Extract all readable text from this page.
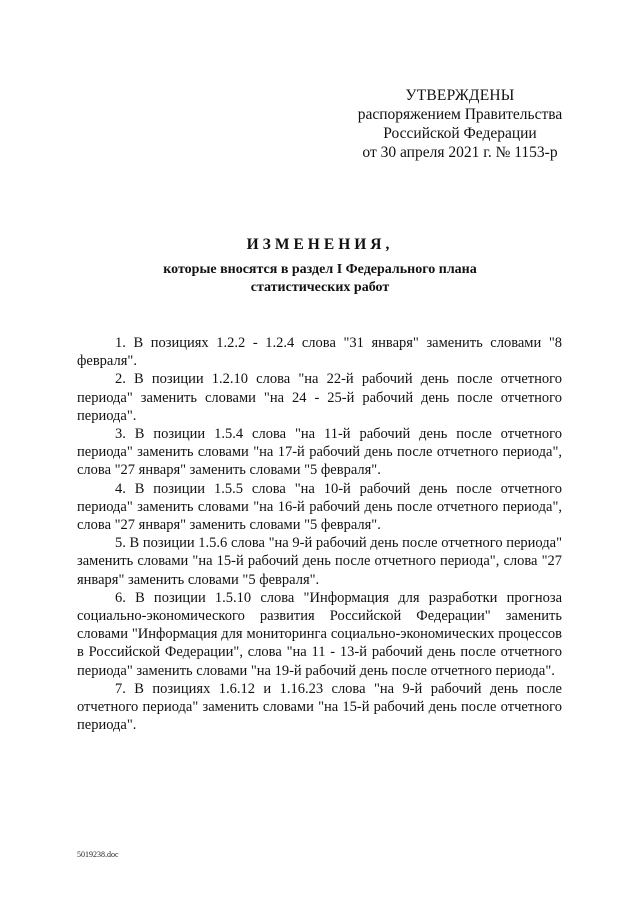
УТВЕРЖДЕНЫ
распоряжением Правительства
Российской Федерации
от 30 апреля 2021 г. № 1153-р
ИЗМЕНЕНИЯ,
которые вносятся в раздел I Федерального плана
статистических работ

1. В позициях 1.2.2 - 1.2.4 слова "31 января" заменить словами "8 февраля".

2. В позиции 1.2.10 слова "на 22-й рабочий день после отчетного периода" заменить словами "на 24 - 25-й рабочий день после отчетного периода".

3. В позиции 1.5.4 слова "на 11-й рабочий день после отчетного периода" заменить словами "на 17-й рабочий день после отчетного периода", слова "27 января" заменить словами "5 февраля".

4. В позиции 1.5.5 слова "на 10-й рабочий день после отчетного периода" заменить словами "на 16-й рабочий день после отчетного периода", слова "27 января" заменить словами "5 февраля".

5. В позиции 1.5.6 слова "на 9-й рабочий день после отчетного периода" заменить словами "на 15-й рабочий день после отчетного периода", слова "27 января" заменить словами "5 февраля".

6. В позиции 1.5.10 слова "Информация для разработки прогноза социально-экономического развития Российской Федерации" заменить словами "Информация для мониторинга социально-экономических процессов в Российской Федерации", слова "на 11 - 13-й рабочий день после отчетного периода" заменить словами "на 19-й рабочий день после отчетного периода".

7. В позициях 1.6.12 и 1.16.23 слова "на 9-й рабочий день после отчетного периода" заменить словами "на 15-й рабочий день после отчетного периода".

5019238.doc
